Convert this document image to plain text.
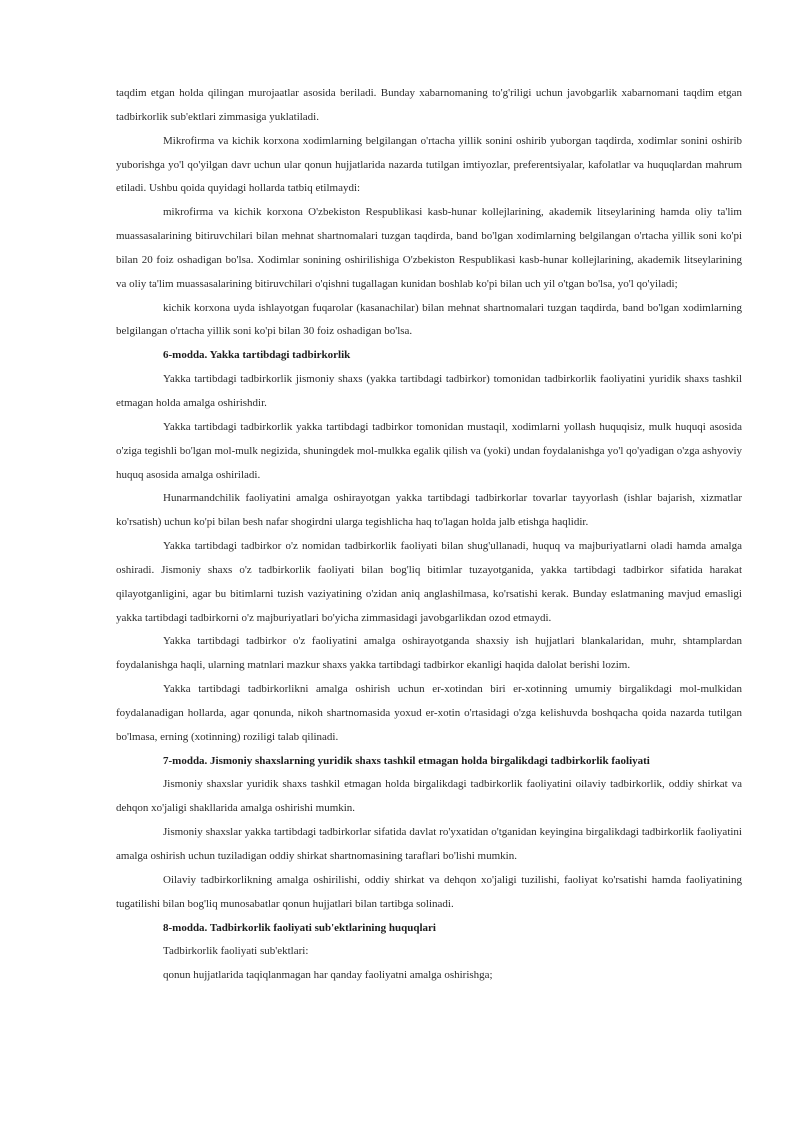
taqdim etgan holda qilingan murojaatlar asosida beriladi. Bunday xabarnomaning to'g'riligi uchun javobgarlik xabarnomani taqdim etgan tadbirkorlik sub'ektlari zimmasiga yuklatiladi.

Mikrofirma va kichik korxona xodimlarning belgilangan o'rtacha yillik sonini oshirib yuborgan taqdirda, xodimlar sonini oshirib yuborishga yo'l qo'yilgan davr uchun ular qonun hujjatlarida nazarda tutilgan imtiyozlar, preferentsiyalar, kafolatlar va huquqlardan mahrum etiladi. Ushbu qoida quyidagi hollarda tatbiq etilmaydi:

mikrofirma va kichik korxona O'zbekiston Respublikasi kasb-hunar kollejlarining, akademik litseylarining hamda oliy ta'lim muassasalarining bitiruvchilari bilan mehnat shartnomalari tuzgan taqdirda, band bo'lgan xodimlarning belgilangan o'rtacha yillik soni ko'pi bilan 20 foiz oshadigan bo'lsa. Xodimlar sonining oshirilishiga O'zbekiston Respublikasi kasb-hunar kollejlarining, akademik litseylarining va oliy ta'lim muassasalarining bitiruvchilari o'qishni tugallagan kunidan boshlab ko'pi bilan uch yil o'tgan bo'lsa, yo'l qo'yiladi;

kichik korxona uyda ishlayotgan fuqarolar (kasanachilar) bilan mehnat shartnomalari tuzgan taqdirda, band bo'lgan xodimlarning belgilangan o'rtacha yillik soni ko'pi bilan 30 foiz oshadigan bo'lsa.

6-modda. Yakka tartibdagi tadbirkorlik

Yakka tartibdagi tadbirkorlik jismoniy shaxs (yakka tartibdagi tadbirkor) tomonidan tadbirkorlik faoliyatini yuridik shaxs tashkil etmagan holda amalga oshirishdir.

Yakka tartibdagi tadbirkorlik yakka tartibdagi tadbirkor tomonidan mustaqil, xodimlarni yollash huquqisiz, mulk huquqi asosida o'ziga tegishli bo'lgan mol-mulk negizida, shuningdek mol-mulkka egalik qilish va (yoki) undan foydalanishga yo'l qo'yadigan o'zga ashyoviy huquq asosida amalga oshiriladi.

Hunarmandchilik faoliyatini amalga oshirayotgan yakka tartibdagi tadbirkorlar tovarlar tayyorlash (ishlar bajarish, xizmatlar ko'rsatish) uchun ko'pi bilan besh nafar shogirdni ularga tegishlicha haq to'lagan holda jalb etishga haqlidir.

Yakka tartibdagi tadbirkor o'z nomidan tadbirkorlik faoliyati bilan shug'ullanadi, huquq va majburiyatlarni oladi hamda amalga oshiradi. Jismoniy shaxs o'z tadbirkorlik faoliyati bilan bog'liq bitimlar tuzayotganida, yakka tartibdagi tadbirkor sifatida harakat qilayotganligini, agar bu bitimlarni tuzish vaziyatining o'zidan aniq anglashilmasa, ko'rsatishi kerak. Bunday eslatmaning mavjud emasligi yakka tartibdagi tadbirkorni o'z majburiyatlari bo'yicha zimmasidagi javobgarlikdan ozod etmaydi.

Yakka tartibdagi tadbirkor o'z faoliyatini amalga oshirayotganda shaxsiy ish hujjatlari blankalaridan, muhr, shtamplardan foydalanishga haqli, ularning matnlari mazkur shaxs yakka tartibdagi tadbirkor ekanligi haqida dalolat berishi lozim.

Yakka tartibdagi tadbirkorlikni amalga oshirish uchun er-xotindan biri er-xotinning umumiy birgalikdagi mol-mulkidan foydalanadigan hollarda, agar qonunda, nikoh shartnomasida yoxud er-xotin o'rtasidagi o'zga kelishuvda boshqacha qoida nazarda tutilgan bo'lmasa, erning (xotinning) roziligi talab qilinadi.

7-modda. Jismoniy shaxslarning yuridik shaxs tashkil etmagan holda birgalikdagi tadbirkorlik faoliyati

Jismoniy shaxslar yuridik shaxs tashkil etmagan holda birgalikdagi tadbirkorlik faoliyatini oilaviy tadbirkorlik, oddiy shirkat va dehqon xo'jaligi shakllarida amalga oshirishi mumkin.

Jismoniy shaxslar yakka tartibdagi tadbirkorlar sifatida davlat ro'yxatidan o'tganidan keyingina birgalikdagi tadbirkorlik faoliyatini amalga oshirish uchun tuziladigan oddiy shirkat shartnomasining taraflari bo'lishi mumkin.

Oilaviy tadbirkorlikning amalga oshirilishi, oddiy shirkat va dehqon xo'jaligi tuzilishi, faoliyat ko'rsatishi hamda faoliyatining tugatilishi bilan bog'liq munosabatlar qonun hujjatlari bilan tartibga solinadi.

8-modda. Tadbirkorlik faoliyati sub'ektlarining huquqlari

Tadbirkorlik faoliyati sub'ektlari:

qonun hujjatlarida taqiqlanmagan har qanday faoliyatni amalga oshirishga;
